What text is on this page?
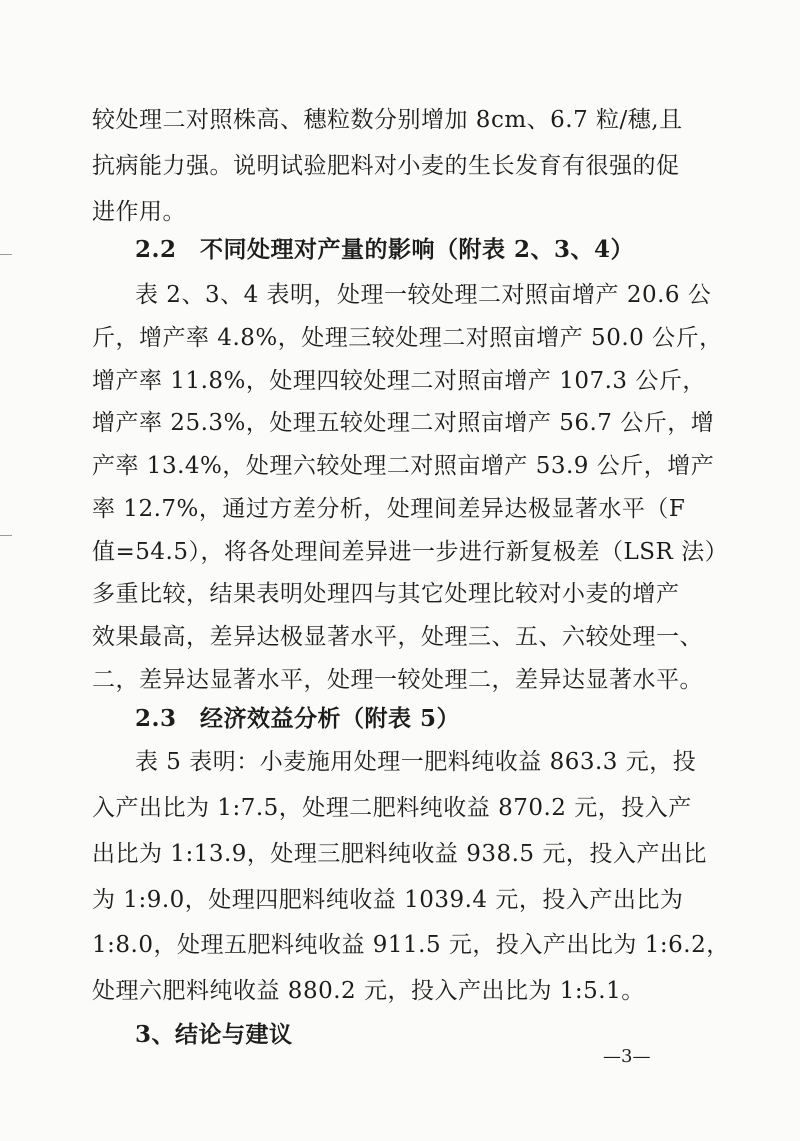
较处理二对照株高、穗粒数分别增加 8cm、6.7 粒/穗,且
抗病能力强。说明试验肥料对小麦的生长发育有很强的促
进作用。
2.2　不同处理对产量的影响（附表 2、3、4）
表 2、3、4 表明，处理一较处理二对照亩增产 20.6 公
斤，增产率 4.8%，处理三较处理二对照亩增产 50.0 公斤，
增产率 11.8%，处理四较处理二对照亩增产 107.3 公斤，
增产率 25.3%，处理五较处理二对照亩增产 56.7 公斤，增
产率 13.4%，处理六较处理二对照亩增产 53.9 公斤，增产
率 12.7%，通过方差分析，处理间差异达极显著水平（F
值=54.5），将各处理间差异进一步进行新复极差（LSR 法）
多重比较，结果表明处理四与其它处理比较对小麦的增产
效果最高，差异达极显著水平，处理三、五、六较处理一、
二，差异达显著水平，处理一较处理二，差异达显著水平。
2.3　经济效益分析（附表 5）
表 5 表明：小麦施用处理一肥料纯收益 863.3 元，投
入产出比为 1:7.5，处理二肥料纯收益 870.2 元，投入产
出比为 1:13.9，处理三肥料纯收益 938.5 元，投入产出比
为 1:9.0，处理四肥料纯收益 1039.4 元，投入产出比为
1:8.0，处理五肥料纯收益 911.5 元，投入产出比为 1:6.2，
处理六肥料纯收益 880.2 元，投入产出比为 1:5.1。
3、结论与建议
—3—
